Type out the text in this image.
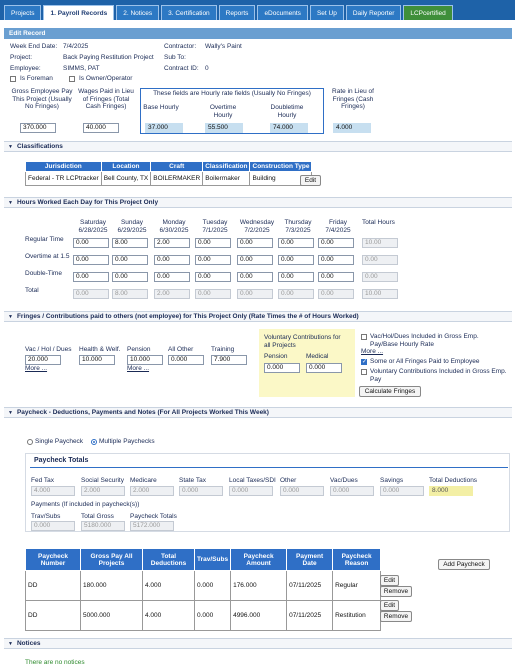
Projects	1. Payroll Records	2. Notices	3. Certification	Reports	eDocuments	Set Up	Daily Reporter	LCPcertified
Edit Record
Week End Date: 7/4/2025
Project:	Back Paying Restitution Project
Employee:	SIMMS, PAT
Contractor: Wally's Paint
Sub To:
Contract ID: 0
Is Foreman	Is Owner/Operator
Gross Employee Pay This Project (Usually No Fringes)
370.000
Wages Paid in Lieu of Fringes (Total Cash Fringes)
40.000
These fields are Hourly rate fields (Usually No Fringes)
Base Hourly
37.000
Overtime Hourly
55.500
Doubletime Hourly
74.000
Rate in Lieu of Fringes (Cash Fringes)
4.000
▼ Classifications
Jurisdiction	Location	Craft	Classification	Construction Type
Federal - TR LCPtracker	Bell County, TX	BOILERMAKER	Boilermaker	Building	Edit
▼ Hours Worked Each Day for This Project Only
Saturday
6/28/2025
Sunday
6/29/2025
Monday
6/30/2025
Tuesday
7/1/2025
Wednesday
7/2/2025
Thursday
7/3/2025
Friday
7/4/2025
Total Hours
Regular Time	0.00	8.00	2.00	0.00	0.00	0.00	0.00	10.00
Overtime at 1.5	0.00	0.00	0.00	0.00	0.00	0.00	0.00	0.00
Double-Time	0.00	0.00	0.00	0.00	0.00	0.00	0.00	0.00
Total	0.00	8.00	2.00	0.00	0.00	0.00	0.00	10.00
▼ Fringes / Contributions paid to others (not employee) for This Project Only (Rate Times the # of Hours Worked)
Vac / Hol / Dues
20.000
More ...
Health & Welf.
10.000
Pension
10.000
More ...
All Other
0.000
Training
7.900
Voluntary Contributions for all Projects
Pension
0.000
Medical
0.000
Vac/Hol/Dues Included in Gross Emp. Pay/Base Hourly Rate
More ...
✓
Some or All Fringes Paid to Employee
Voluntary Contributions Included in Gross Emp. Pay
Calculate Fringes
▼ Paycheck - Deductions, Payments and Notes (For All Projects Worked This Week)
Single Paycheck Multiple Paychecks
Paycheck Totals
Fed Tax
4.000
Social Security
2.000
Medicare
2.000
State Tax
0.000
Local Taxes/SDI
0.000
Other
0.000
Vac/Dues
0.000
Savings
0.000
Total Deductions
8.000
Payments (If included in paycheck(s))
Trav/Subs
0.000
Total Gross
5180.000
Paycheck Totals
5172.000
Paycheck Number	Gross Pay All Projects	Total Deductions	Trav/Subs	Paycheck Amount	Payment Date	Paycheck Reason	
DD	180.000	4.000	0.000	176.000	07/11/2025	Regular	
DD	5000.000	4.000	0.000	4996.000	07/11/2025	Restitution	
Edit
Remove
Edit
Remove
Add Paycheck
▼ Notices
There are no notices
